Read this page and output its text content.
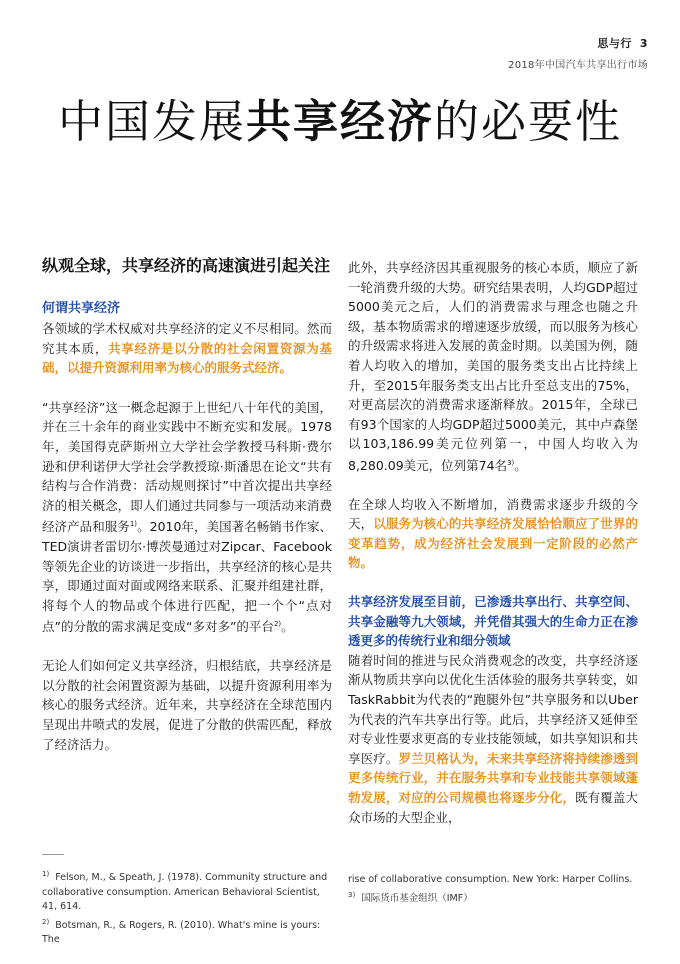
思与行 3
2018年中国汽车共享出行市场
中国发展共享经济的必要性
纵观全球，共享经济的高速演进引起关注
何谓共享经济

各领域的学术权威对共享经济的定义不尽相同。然而究其本质，共享经济是以分散的社会闲置资源为基础，以提升资源利用率为核心的服务式经济。

“共享经济”这一概念起源于上世纪八十年代的美国，并在三十余年的商业实践中不断充实和发展。1978年，美国得克萨斯州立大学社会学教授马科斯·费尔逊和伊利诺伊大学社会学教授琼·斯潘思在论文“共有结构与合作消费：活动规则探讨”中首次提出共享经济的相关概念，即人们通过共同参与一项活动来消费经济产品和服务$^{1)}$。2010年，美国著名畅销书作家、TED演讲者雷切尔·博茨曼通过对Zipcar、Facebook等领先企业的访谈进一步指出，共享经济的核心是共享，即通过面对面或网络来联系、汇聚并组建社群，将每个人的物品或个体进行匹配，把一个个“点对点”的分散的需求满足变成“多对多”的平台$^{2)}$。

无论人们如何定义共享经济，归根结底，共享经济是以分散的社会闲置资源为基础，以提升资源利用率为核心的服务式经济。近年来，共享经济在全球范围内呈现出井喷式的发展，促进了分散的供需匹配，释放了经济活力。

此外，共享经济因其重视服务的核心本质，顺应了新一轮消费升级的大势。研究结果表明，人均GDP超过5000美元之后，人们的消费需求与理念也随之升级，基本物质需求的增速逐步放缓，而以服务为核心的升级需求将进入发展的黄金时期。以美国为例，随着人均收入的增加，美国的服务类支出占比持续上升，至2015年服务类支出占比升至总支出的75%，对更高层次的消费需求逐渐释放。2015年，全球已有93个国家的人均GDP超过5000美元，其中卢森堡以103,186.99美元位列第一，中国人均收入为8,280.09美元，位列第74名$^{3)}$。

在全球人均收入不断增加，消费需求逐步升级的今天，以服务为核心的共享经济发展恰恰顺应了世界的变革趋势，成为经济社会发展到一定阶段的必然产物。

共享经济发展至目前，已渗透共享出行、共享空间、共享金融等九大领域，并凭借其强大的生命力正在渗透更多的传统行业和细分领域

随着时间的推进与民众消费观念的改变，共享经济逐渐从物质共享向以优化生活体验的服务共享转变，如TaskRabbit为代表的“跑腿外包”共享服务和以Uber为代表的汽车共享出行等。此后，共享经济又延伸至对专业性要求更高的专业技能领域，如共享知识和共享医疗。罗兰贝格认为，未来共享经济将持续渗透到更多传统行业，并在服务共享和专业技能共享领域蓬勃发展，对应的公司规模也将逐步分化，既有覆盖大众市场的大型企业，

$^{1)}$ Felson, M., & Speath, J. (1978). Community structure and collaborative consumption. American Behavioral Scientist, 41, 614.
$^{2)}$ Botsman, R., & Rogers, R. (2010). What's mine is yours: The
rise of collaborative consumption. New York: Harper Collins.
$^{3)}$ 国际货币基金组织（IMF）
